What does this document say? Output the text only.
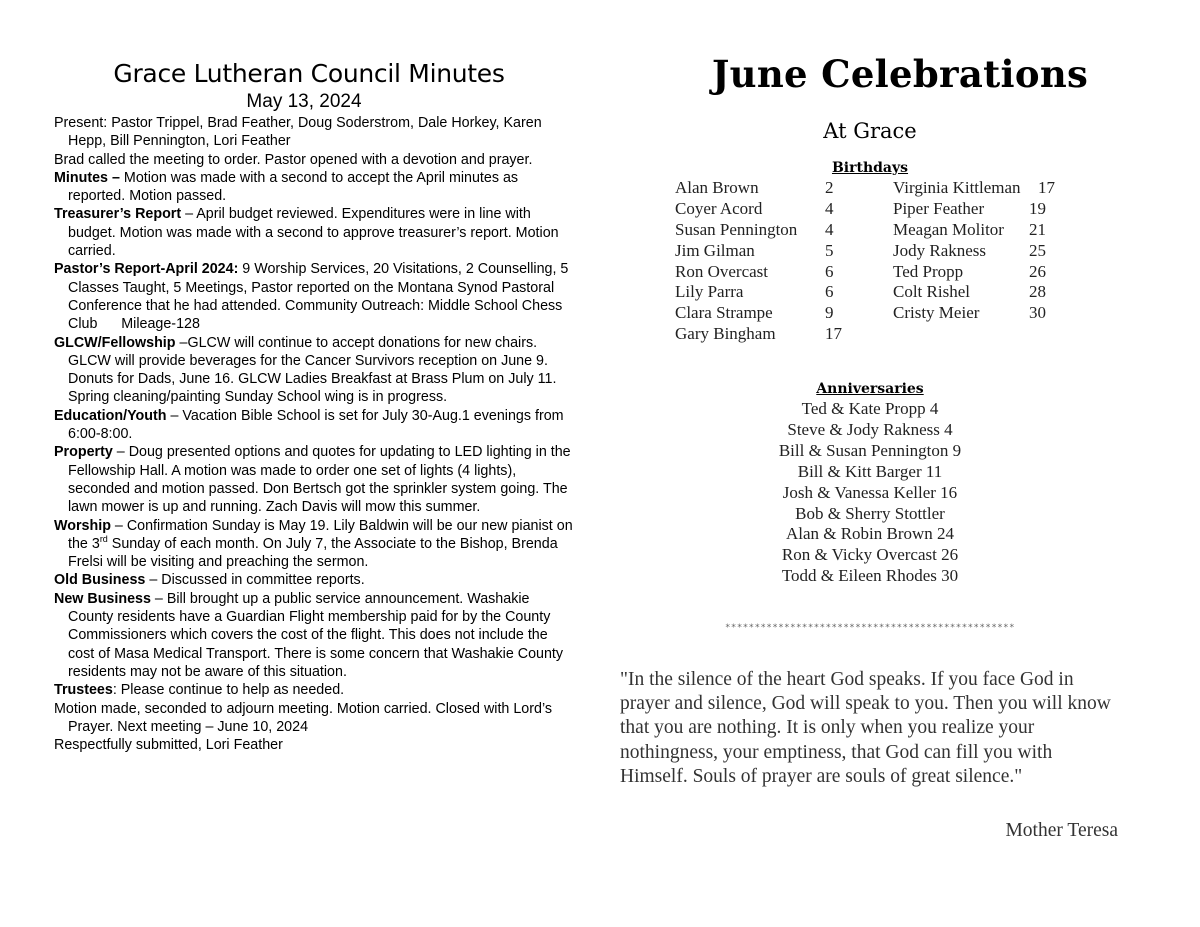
Grace Lutheran Council Minutes
May 13, 2024

Present: Pastor Trippel, Brad Feather, Doug Soderstrom, Dale Horkey, Karen Hepp, Bill Pennington, Lori Feather

Brad called the meeting to order. Pastor opened with a devotion and prayer.

Minutes – Motion was made with a second to accept the April minutes as reported. Motion passed.

Treasurer’s Report – April budget reviewed. Expenditures were in line with budget. Motion was made with a second to approve treasurer’s report. Motion carried.

Pastor’s Report-April 2024: 9 Worship Services, 20 Visitations, 2 Counselling, 5 Classes Taught, 5 Meetings, Pastor reported on the Montana Synod Pastoral Conference that he had attended. Community Outreach: Middle School Chess Club      Mileage-128

GLCW/Fellowship –GLCW will continue to accept donations for new chairs. GLCW will provide beverages for the Cancer Survivors reception on June 9. Donuts for Dads, June 16. GLCW Ladies Breakfast at Brass Plum on July 11. Spring cleaning/painting Sunday School wing is in progress.

Education/Youth – Vacation Bible School is set for July 30-Aug.1 evenings from 6:00-8:00.

Property – Doug presented options and quotes for updating to LED lighting in the Fellowship Hall. A motion was made to order one set of lights (4 lights), seconded and motion passed. Don Bertsch got the sprinkler system going. The lawn mower is up and running. Zach Davis will mow this summer.

Worship – Confirmation Sunday is May 19. Lily Baldwin will be our new pianist on the 3rd Sunday of each month. On July 7, the Associate to the Bishop, Brenda Frelsi will be visiting and preaching the sermon.

Old Business – Discussed in committee reports.

New Business – Bill brought up a public service announcement. Washakie County residents have a Guardian Flight membership paid for by the County Commissioners which covers the cost of the flight. This does not include the cost of Masa Medical Transport. There is some concern that Washakie County residents may not be aware of this situation.

Trustees: Please continue to help as needed.

Motion made, seconded to adjourn meeting. Motion carried. Closed with Lord’s Prayer. Next meeting – June 10, 2024

Respectfully submitted, Lori Feather

June Celebrations
At Grace
Birthdays
Alan Brown	2
Coyer Acord	4
Susan Pennington 4
Jim Gilman	5
Ron Overcast	6
Lily Parra	6
Clara Strampe	9
Gary Bingham	17
Virginia Kittleman 17
Piper Feather	19
Meagan Molitor 21
Jody Rakness	25
Ted Propp	26
Colt Rishel	28
Cristy Meier	30
Anniversaries
Ted & Kate Propp 4
Steve & Jody Rakness 4
Bill & Susan Pennington 9
Bill & Kitt Barger 11
Josh & Vanessa Keller 16
Bob & Sherry Stottler
Alan & Robin Brown 24
Ron & Vicky Overcast 26
Todd & Eileen Rhodes 30
*************************************************
"In the silence of the heart God speaks. If you face God in prayer and silence, God will speak to you. Then you will know that you are nothing. It is only when you realize your nothingness, your emptiness, that God can fill you with Himself. Souls of prayer are souls of great silence."
Mother Teresa
